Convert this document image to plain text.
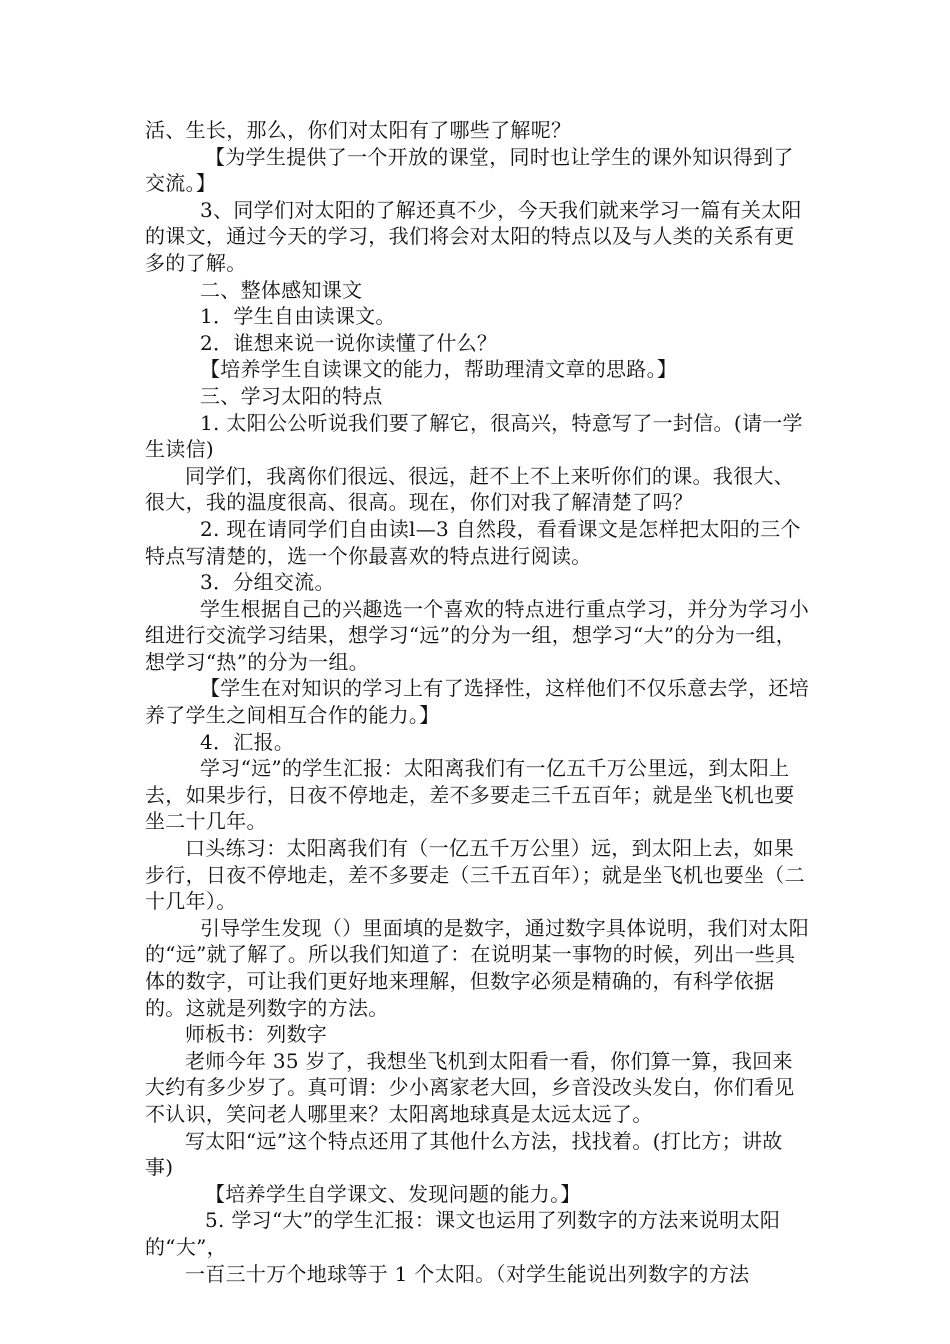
活、生长，那么，你们对太阳有了哪些了解呢？

【为学生提供了一个开放的课堂，同时也让学生的课外知识得到了交流。】

3、同学们对太阳的了解还真不少，今天我们就来学习一篇有关太阳的课文，通过今天的学习，我们将会对太阳的特点以及与人类的关系有更多的了解。

二、整体感知课文

1．学生自由读课文。

2．谁想来说一说你读懂了什么？

【培养学生自读课文的能力，帮助理清文章的思路。】

三、学习太阳的特点

1. 太阳公公听说我们要了解它，很高兴，特意写了一封信。(请一学生读信)

同学们，我离你们很远、很远，赶不上不上来听你们的课。我很大、很大，我的温度很高、很高。现在，你们对我了解清楚了吗？

2. 现在请同学们自由读l—3 自然段，看看课文是怎样把太阳的三个特点写清楚的，选一个你最喜欢的特点进行阅读。

3．分组交流。

学生根据自己的兴趣选一个喜欢的特点进行重点学习，并分为学习小组进行交流学习结果，想学习“远”的分为一组，想学习“大”的分为一组，想学习“热”的分为一组。

【学生在对知识的学习上有了选择性，这样他们不仅乐意去学，还培养了学生之间相互合作的能力。】

4．汇报。

学习“远”的学生汇报：太阳离我们有一亿五千万公里远，到太阳上去，如果步行，日夜不停地走，差不多要走三千五百年；就是坐飞机也要坐二十几年。

口头练习：太阳离我们有（一亿五千万公里）远，到太阳上去，如果步行，日夜不停地走，差不多要走（三千五百年）；就是坐飞机也要坐（二十几年）。

引导学生发现（）里面填的是数字，通过数字具体说明，我们对太阳的“远”就了解了。所以我们知道了：在说明某一事物的时候，列出一些具体的数字，可让我们更好地来理解，但数字必须是精确的，有科学依据的。这就是列数字的方法。

师板书：列数字

老师今年 35 岁了，我想坐飞机到太阳看一看，你们算一算，我回来大约有多少岁了。真可谓：少小离家老大回，乡音没改头发白，你们看见不认识，笑问老人哪里来？太阳离地球真是太远太远了。

写太阳“远”这个特点还用了其他什么方法，找找着。(打比方；讲故事)

【培养学生自学课文、发现问题的能力。】

5. 学习“大”的学生汇报：课文也运用了列数字的方法来说明太阳的“大”，

一百三十万个地球等于 1 个太阳。（对学生能说出列数字的方法
